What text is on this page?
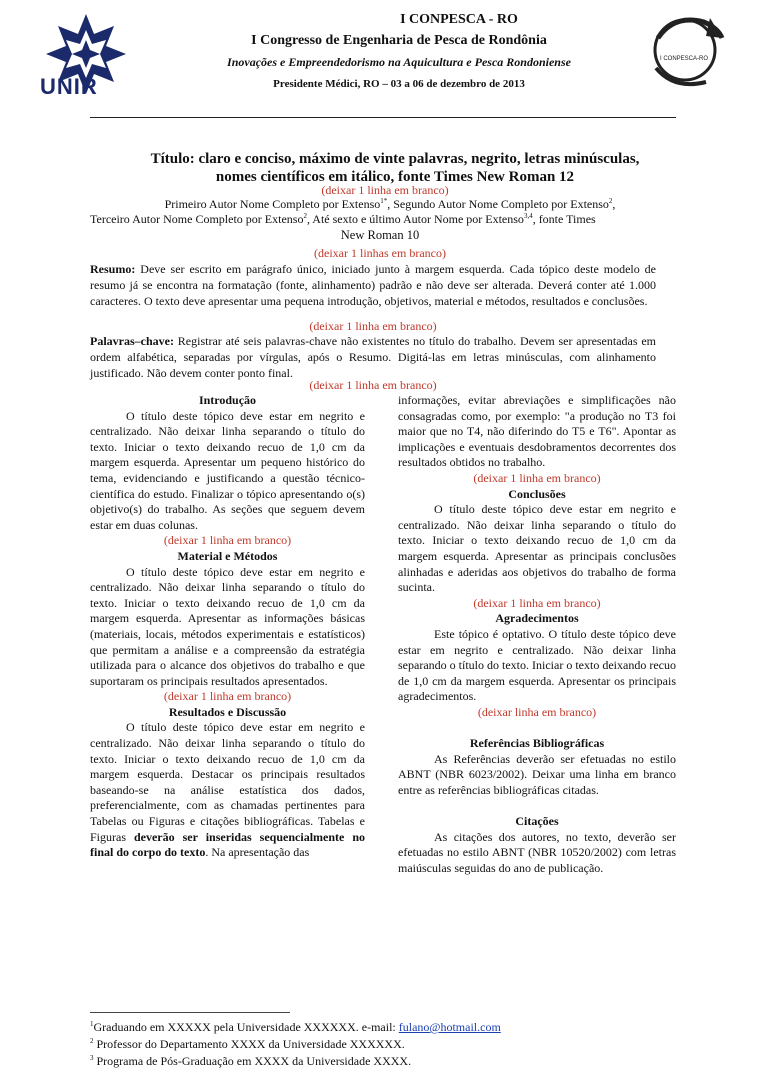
UNIR
I CONPESCA-RO
I CONPESCA - RO
I Congresso de Engenharia de Pesca de Rondônia
Inovações e Empreendedorismo na Aquicultura e Pesca Rondoniense
Presidente Médici, RO – 03 a 06 de dezembro de 2013
Título: claro e conciso, máximo de vinte palavras, negrito, letras minúsculas,
nomes científicos em itálico, fonte Times New Roman 12
(deixar 1 linha em branco)
Primeiro Autor Nome Completo por Extenso$^{1*}$, Segundo Autor Nome Completo por Extenso$^2$,
Terceiro Autor Nome Completo por Extenso$^2$, Até sexto e último Autor Nome por Extenso$^{3,4}$, fonte Times
New Roman 10
(deixar 1 linhas em branco)
Resumo: Deve ser escrito em parágrafo único, iniciado junto à margem esquerda. Cada tópico deste modelo de resumo já se encontra na formatação (fonte, alinhamento) padrão e não deve ser alterada. Deverá conter até 1.000 caracteres. O texto deve apresentar uma pequena introdução, objetivos, material e métodos, resultados e conclusões.
(deixar 1 linha em branco)
Palavras–chave: Registrar até seis palavras-chave não existentes no título do trabalho. Devem ser apresentadas em ordem alfabética, separadas por vírgulas, após o Resumo. Digitá-las em letras minúsculas, com alinhamento justificado. Não devem conter ponto final.
(deixar 1 linha em branco)

Introdução

O título deste tópico deve estar em negrito e centralizado. Não deixar linha separando o título do texto. Iniciar o texto deixando recuo de 1,0 cm da margem esquerda. Apresentar um pequeno histórico do tema, evidenciando e justificando a questão técnico-científica do estudo. Finalizar o tópico apresentando o(s) objetivo(s) do trabalho. As seções que seguem devem estar em duas colunas.

(deixar 1 linha em branco)

Material e Métodos

O título deste tópico deve estar em negrito e centralizado. Não deixar linha separando o título do texto. Iniciar o texto deixando recuo de 1,0 cm da margem esquerda. Apresentar as informações básicas (materiais, locais, métodos experimentais e estatísticos) que permitam a análise e a compreensão da estratégia utilizada para o alcance dos objetivos do trabalho e que suportaram os principais resultados apresentados.

(deixar 1 linha em branco)

Resultados e Discussão

O título deste tópico deve estar em negrito e centralizado. Não deixar linha separando o título do texto. Iniciar o texto deixando recuo de 1,0 cm da margem esquerda. Destacar os principais resultados baseando-se na análise estatística dos dados, preferencialmente, com as chamadas pertinentes para Tabelas ou Figuras e citações bibliográficas. Tabelas e Figuras deverão ser inseridas sequencialmente no final do corpo do texto. Na apresentação das

informações, evitar abreviações e simplificações não consagradas como, por exemplo: "a produção no T3 foi maior que no T4, não diferindo do T5 e T6". Apontar as implicações e eventuais desdobramentos decorrentes dos resultados obtidos no trabalho.

(deixar 1 linha em branco)

Conclusões

O título deste tópico deve estar em negrito e centralizado. Não deixar linha separando o título do texto. Iniciar o texto deixando recuo de 1,0 cm da margem esquerda. Apresentar as principais conclusões alinhadas e aderidas aos objetivos do trabalho de forma sucinta.

(deixar 1 linha em branco)

Agradecimentos

Este tópico é optativo. O título deste tópico deve estar em negrito e centralizado. Não deixar linha separando o título do texto. Iniciar o texto deixando recuo de 1,0 cm da margem esquerda. Apresentar os principais agradecimentos.

(deixar linha em branco)

Referências Bibliográficas

As Referências deverão ser efetuadas no estilo ABNT (NBR 6023/2002). Deixar uma linha em branco entre as referências bibliográficas citadas.

Citações

As citações dos autores, no texto, deverão ser efetuadas no estilo ABNT (NBR 10520/2002) com letras maiúsculas seguidas do ano de publicação.

$^1$Graduando em XXXXX pela Universidade XXXXXX. e-mail: fulano@hotmail.com
$^2$ Professor do Departamento XXXX da Universidade XXXXXX.
$^3$ Programa de Pós-Graduação em XXXX da Universidade XXXX.
